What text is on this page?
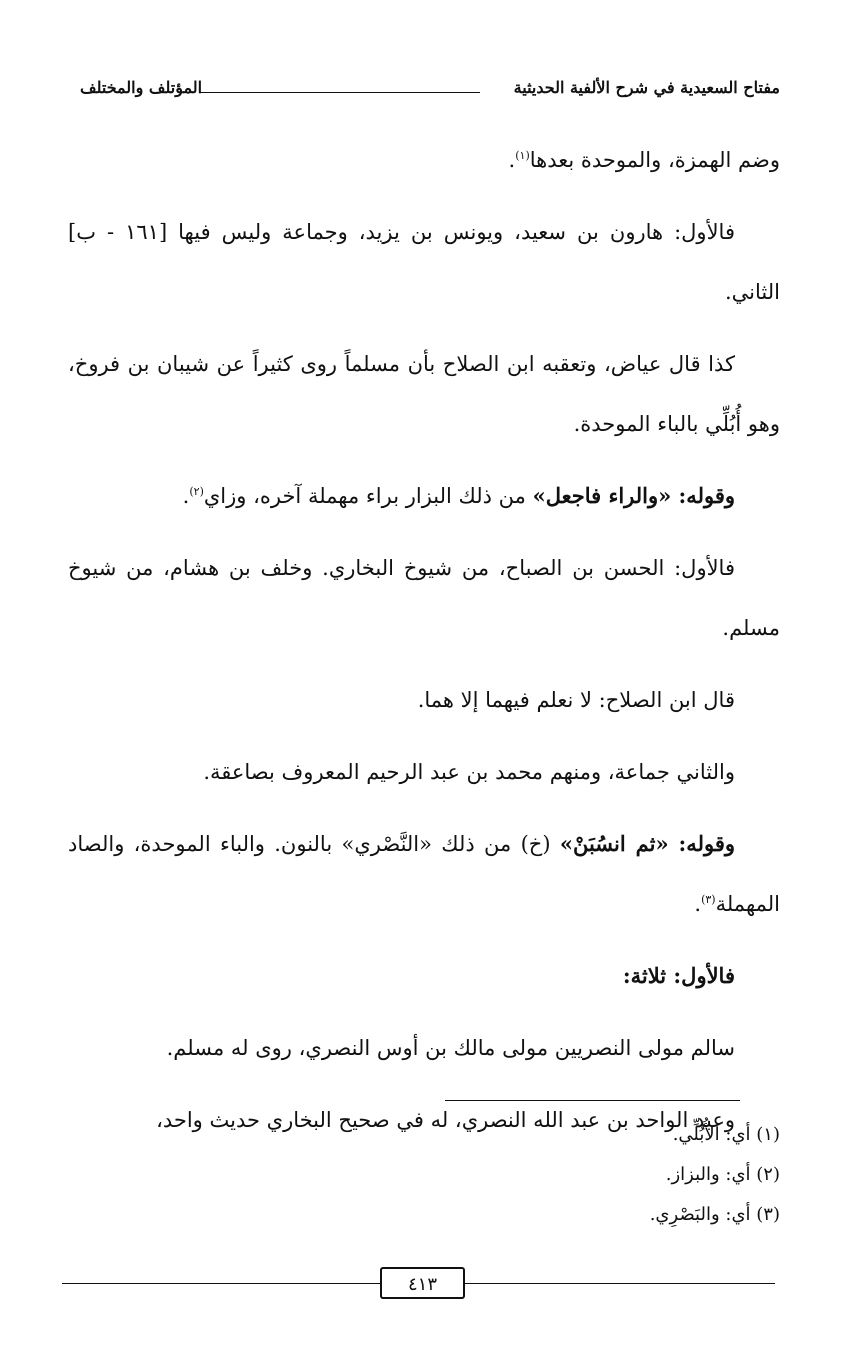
مفتاح السعيدية في شرح الألفية الحديثية
المؤتلف والمختلف

وضم الهمزة، والموحدة بعدها$^{(١)}$.

فالأول: هارون بن سعيد، ويونس بن يزيد، وجماعة وليس فيها [١٦١ - ب] الثاني.

كذا قال عياض، وتعقبه ابن الصلاح بأن مسلماً روى كثيراً عن شيبان بن فروخ، وهو أُبُلِّي بالباء الموحدة.

وقوله: «والراء فاجعل» من ذلك البزار براء مهملة آخره، وزاي$^{(٢)}$.

فالأول: الحسن بن الصباح، من شيوخ البخاري. وخلف بن هشام، من شيوخ مسلم.

قال ابن الصلاح: لا نعلم فيهما إلا هما.

والثاني جماعة، ومنهم محمد بن عبد الرحيم المعروف بصاعقة.

وقوله: «ثم انسُبَنْ» (خ) من ذلك «النَّصْري» بالنون. والباء الموحدة، والصاد المهملة$^{(٣)}$.

فالأول: ثلاثة:

سالم مولى النصريين مولى مالك بن أوس النصري، روى له مسلم.

وعبد الواحد بن عبد الله النصري، له في صحيح البخاري حديث واحد،

(١) أي: الأُبُلِّي.

(٢) أي: والبزاز.

(٣) أي: والبَصْرِي.

٤١٣
